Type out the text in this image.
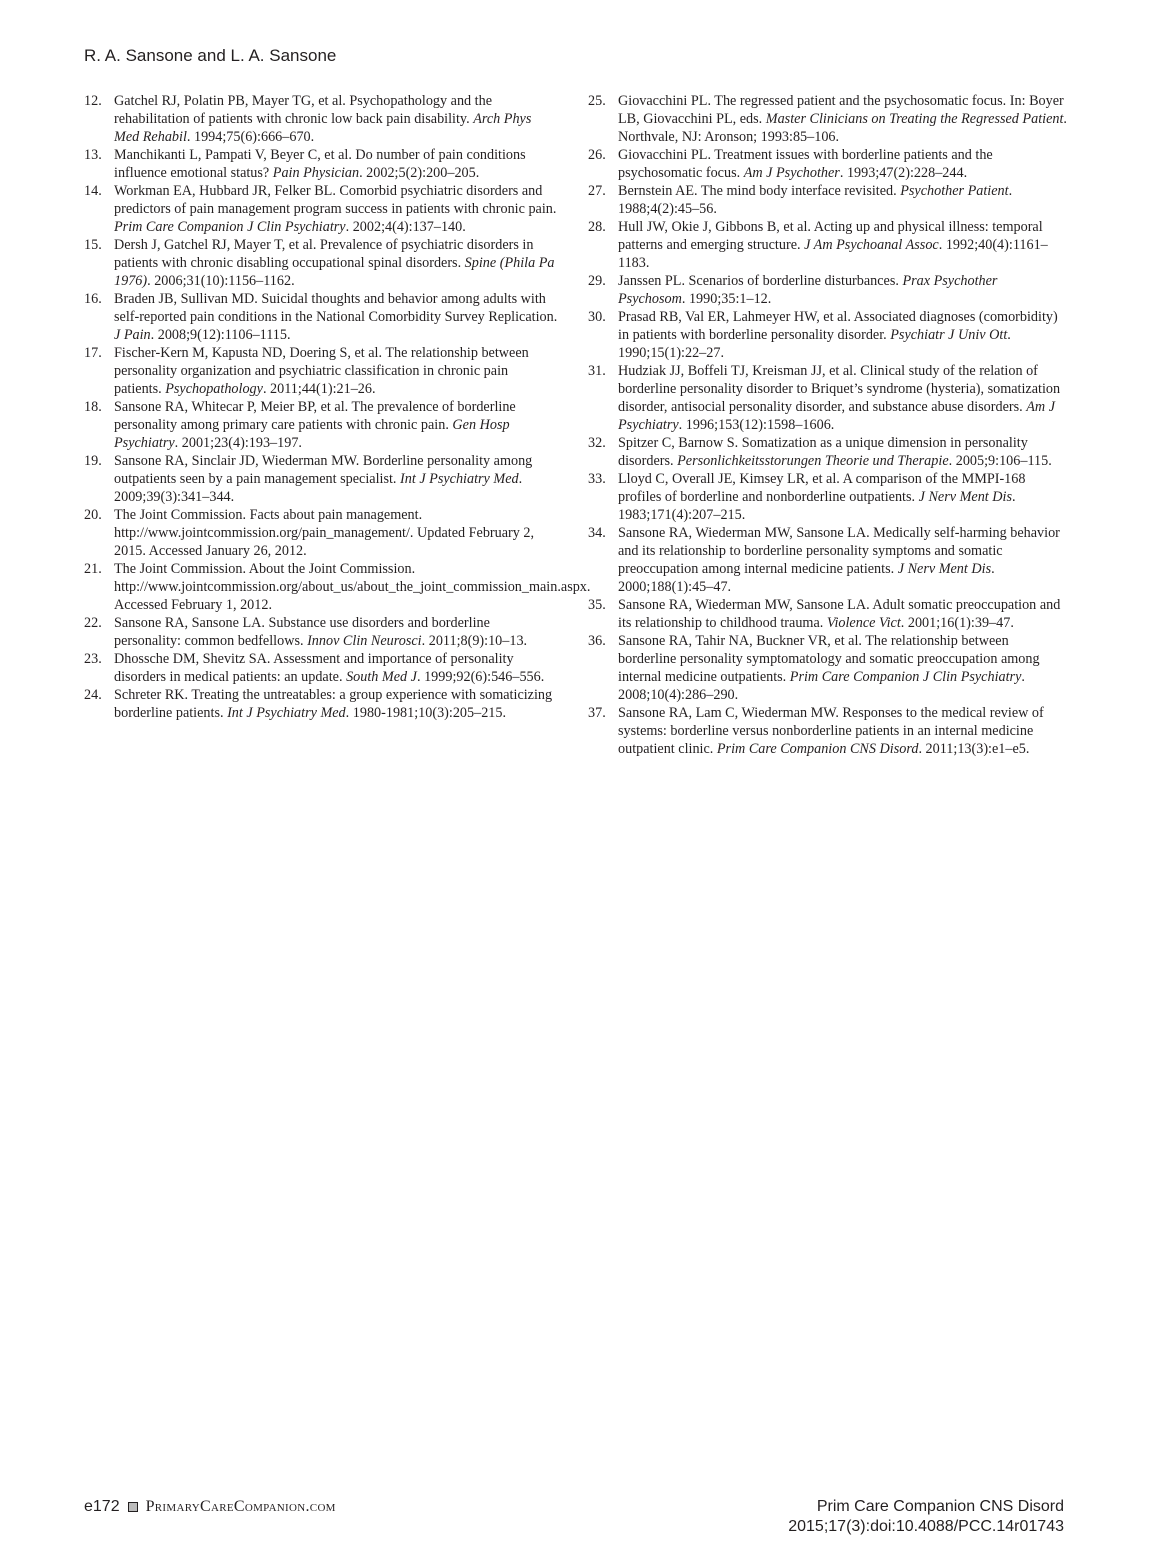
R. A. Sansone and L. A. Sansone
12. Gatchel RJ, Polatin PB, Mayer TG, et al. Psychopathology and the rehabilitation of patients with chronic low back pain disability. Arch Phys Med Rehabil. 1994;75(6):666–670.
13. Manchikanti L, Pampati V, Beyer C, et al. Do number of pain conditions influence emotional status? Pain Physician. 2002;5(2):200–205.
14. Workman EA, Hubbard JR, Felker BL. Comorbid psychiatric disorders and predictors of pain management program success in patients with chronic pain. Prim Care Companion J Clin Psychiatry. 2002;4(4):137–140.
15. Dersh J, Gatchel RJ, Mayer T, et al. Prevalence of psychiatric disorders in patients with chronic disabling occupational spinal disorders. Spine (Phila Pa 1976). 2006;31(10):1156–1162.
16. Braden JB, Sullivan MD. Suicidal thoughts and behavior among adults with self-reported pain conditions in the National Comorbidity Survey Replication. J Pain. 2008;9(12):1106–1115.
17. Fischer-Kern M, Kapusta ND, Doering S, et al. The relationship between personality organization and psychiatric classification in chronic pain patients. Psychopathology. 2011;44(1):21–26.
18. Sansone RA, Whitecar P, Meier BP, et al. The prevalence of borderline personality among primary care patients with chronic pain. Gen Hosp Psychiatry. 2001;23(4):193–197.
19. Sansone RA, Sinclair JD, Wiederman MW. Borderline personality among outpatients seen by a pain management specialist. Int J Psychiatry Med. 2009;39(3):341–344.
20. The Joint Commission. Facts about pain management. http://www.jointcommission.org/pain_management/. Updated February 2, 2015. Accessed January 26, 2012.
21. The Joint Commission. About the Joint Commission. http://www.jointcommission.org/about_us/about_the_joint_commission_main.aspx. Accessed February 1, 2012.
22. Sansone RA, Sansone LA. Substance use disorders and borderline personality: common bedfellows. Innov Clin Neurosci. 2011;8(9):10–13.
23. Dhossche DM, Shevitz SA. Assessment and importance of personality disorders in medical patients: an update. South Med J. 1999;92(6):546–556.
24. Schreter RK. Treating the untreatables: a group experience with somaticizing borderline patients. Int J Psychiatry Med. 1980-1981;10(3):205–215.
25. Giovacchini PL. The regressed patient and the psychosomatic focus. In: Boyer LB, Giovacchini PL, eds. Master Clinicians on Treating the Regressed Patient. Northvale, NJ: Aronson; 1993:85–106.
26. Giovacchini PL. Treatment issues with borderline patients and the psychosomatic focus. Am J Psychother. 1993;47(2):228–244.
27. Bernstein AE. The mind body interface revisited. Psychother Patient. 1988;4(2):45–56.
28. Hull JW, Okie J, Gibbons B, et al. Acting up and physical illness: temporal patterns and emerging structure. J Am Psychoanal Assoc. 1992;40(4):1161–1183.
29. Janssen PL. Scenarios of borderline disturbances. Prax Psychother Psychosom. 1990;35:1–12.
30. Prasad RB, Val ER, Lahmeyer HW, et al. Associated diagnoses (comorbidity) in patients with borderline personality disorder. Psychiatr J Univ Ott. 1990;15(1):22–27.
31. Hudziak JJ, Boffeli TJ, Kreisman JJ, et al. Clinical study of the relation of borderline personality disorder to Briquet’s syndrome (hysteria), somatization disorder, antisocial personality disorder, and substance abuse disorders. Am J Psychiatry. 1996;153(12):1598–1606.
32. Spitzer C, Barnow S. Somatization as a unique dimension in personality disorders. Personlichkeitsstorungen Theorie und Therapie. 2005;9:106–115.
33. Lloyd C, Overall JE, Kimsey LR, et al. A comparison of the MMPI-168 profiles of borderline and nonborderline outpatients. J Nerv Ment Dis. 1983;171(4):207–215.
34. Sansone RA, Wiederman MW, Sansone LA. Medically self-harming behavior and its relationship to borderline personality symptoms and somatic preoccupation among internal medicine patients. J Nerv Ment Dis. 2000;188(1):45–47.
35. Sansone RA, Wiederman MW, Sansone LA. Adult somatic preoccupation and its relationship to childhood trauma. Violence Vict. 2001;16(1):39–47.
36. Sansone RA, Tahir NA, Buckner VR, et al. The relationship between borderline personality symptomatology and somatic preoccupation among internal medicine outpatients. Prim Care Companion J Clin Psychiatry. 2008;10(4):286–290.
37. Sansone RA, Lam C, Wiederman MW. Responses to the medical review of systems: borderline versus nonborderline patients in an internal medicine outpatient clinic. Prim Care Companion CNS Disord. 2011;13(3):e1–e5.
e172 PrimaryCareCompanion.com	Prim Care Companion CNS Disord
2015;17(3):doi:10.4088/PCC.14r01743
